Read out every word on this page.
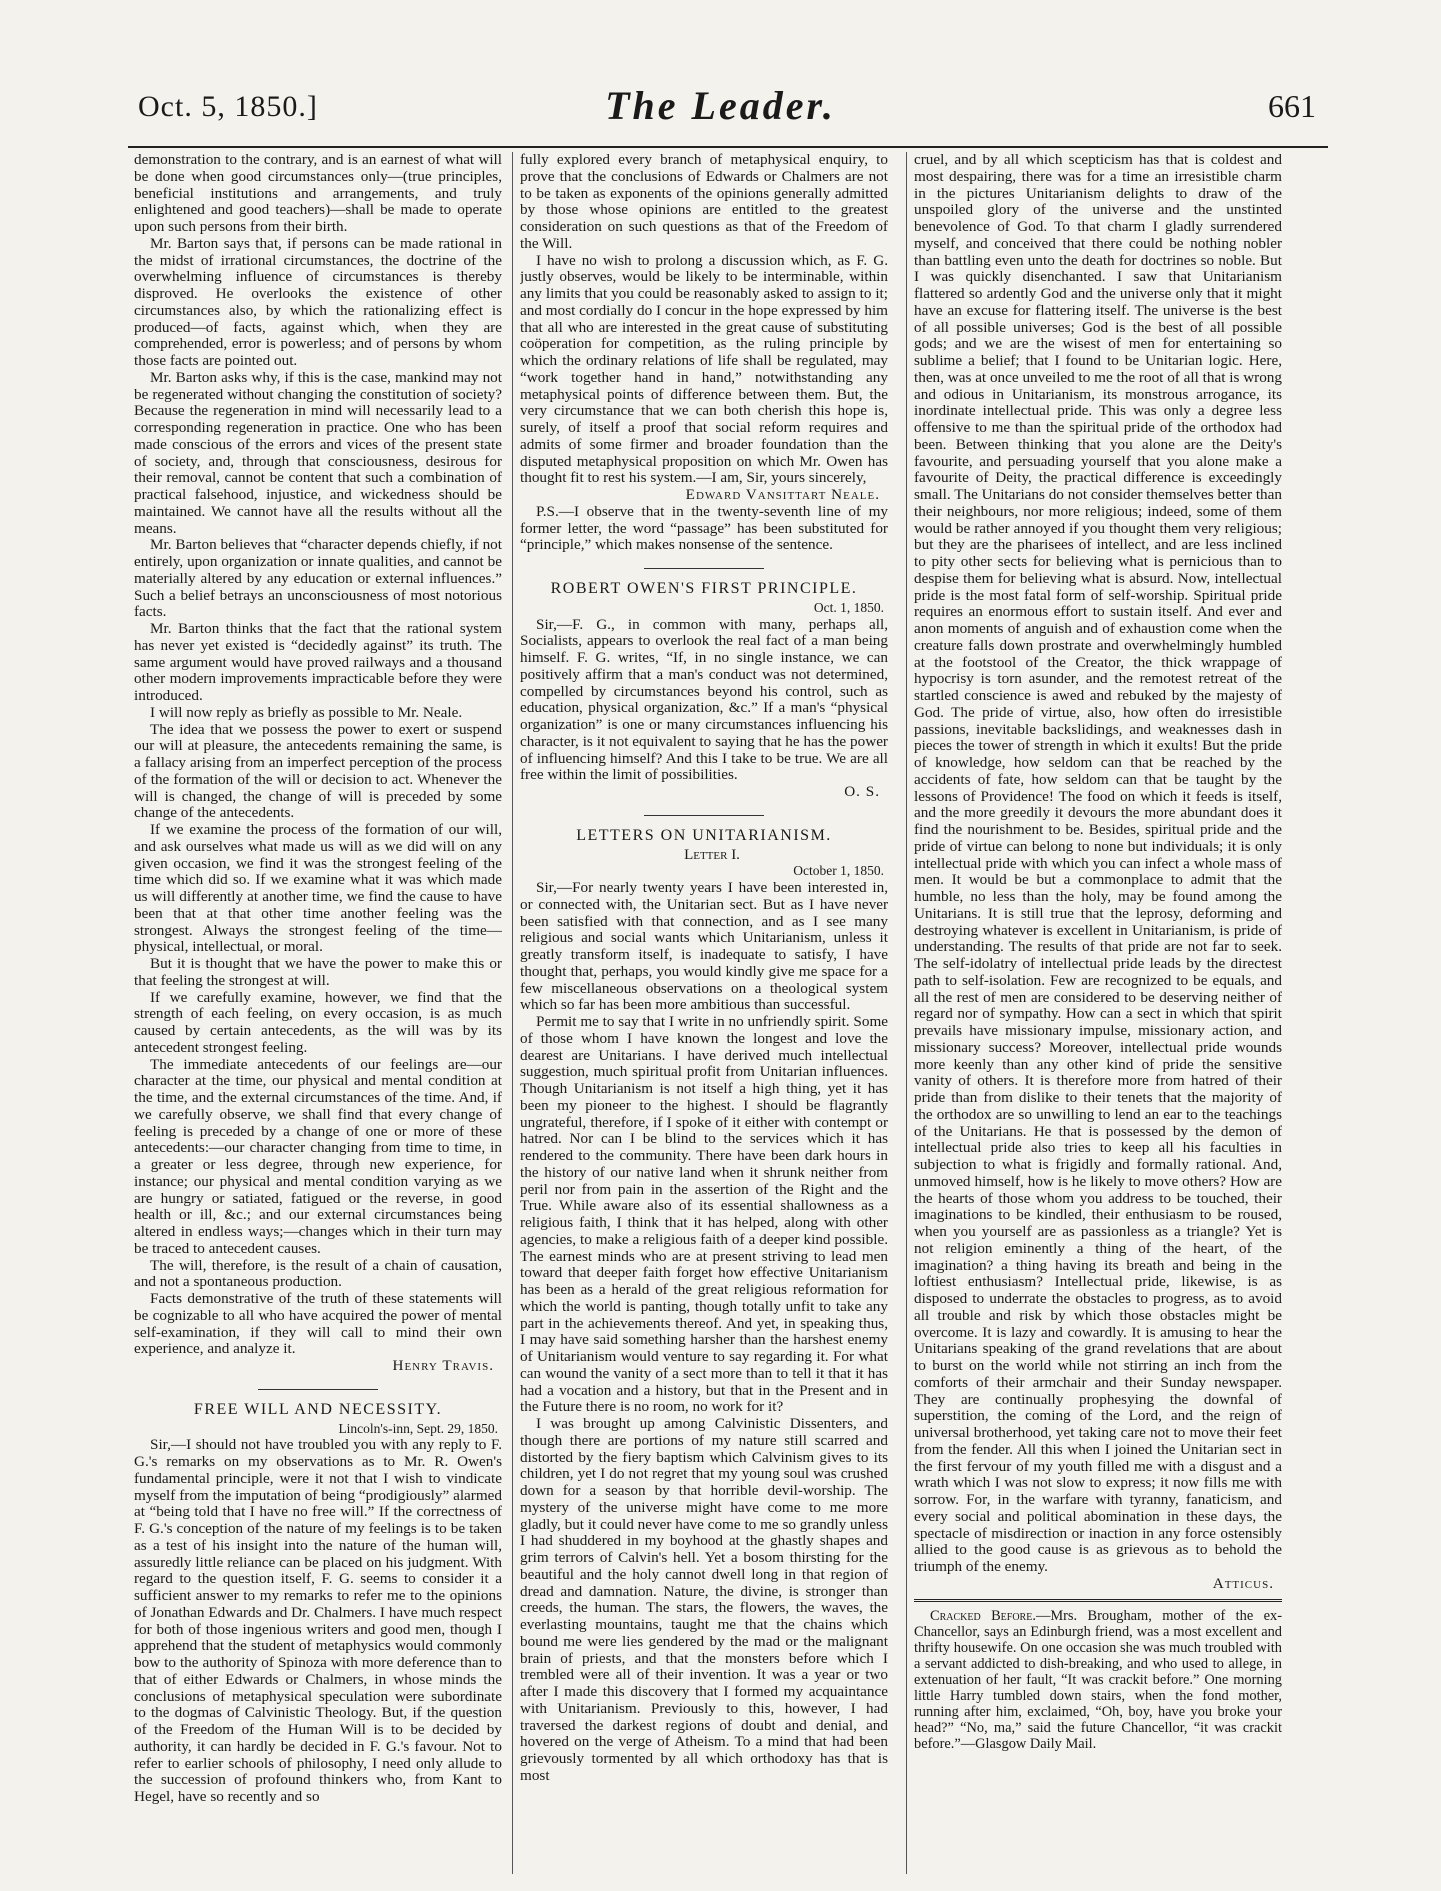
Oct. 5, 1850.]	The Leader.	661

demonstration to the contrary, and is an earnest of what will be done when good circumstances only—(true principles, beneficial institutions and arrangements, and truly enlightened and good teachers)—shall be made to operate upon such persons from their birth.

Mr. Barton says that, if persons can be made rational in the midst of irrational circumstances, the doctrine of the overwhelming influence of circumstances is thereby disproved. He overlooks the existence of other circumstances also, by which the rationalizing effect is produced—of facts, against which, when they are comprehended, error is powerless; and of persons by whom those facts are pointed out.

Mr. Barton asks why, if this is the case, mankind may not be regenerated without changing the constitution of society? Because the regeneration in mind will necessarily lead to a corresponding regeneration in practice. One who has been made conscious of the errors and vices of the present state of society, and, through that consciousness, desirous for their removal, cannot be content that such a combination of practical falsehood, injustice, and wickedness should be maintained. We cannot have all the results without all the means.

Mr. Barton believes that “character depends chiefly, if not entirely, upon organization or innate qualities, and cannot be materially altered by any education or external influences.” Such a belief betrays an unconsciousness of most notorious facts.

Mr. Barton thinks that the fact that the rational system has never yet existed is “decidedly against” its truth. The same argument would have proved railways and a thousand other modern improvements impracticable before they were introduced.

I will now reply as briefly as possible to Mr. Neale.

The idea that we possess the power to exert or suspend our will at pleasure, the antecedents remaining the same, is a fallacy arising from an imperfect perception of the process of the formation of the will or decision to act. Whenever the will is changed, the change of will is preceded by some change of the antecedents.

If we examine the process of the formation of our will, and ask ourselves what made us will as we did will on any given occasion, we find it was the strongest feeling of the time which did so. If we examine what it was which made us will differently at another time, we find the cause to have been that at that other time another feeling was the strongest. Always the strongest feeling of the time—physical, intellectual, or moral.

But it is thought that we have the power to make this or that feeling the strongest at will.

If we carefully examine, however, we find that the strength of each feeling, on every occasion, is as much caused by certain antecedents, as the will was by its antecedent strongest feeling.

The immediate antecedents of our feelings are—our character at the time, our physical and mental condition at the time, and the external circumstances of the time. And, if we carefully observe, we shall find that every change of feeling is preceded by a change of one or more of these antecedents:—our character changing from time to time, in a greater or less degree, through new experience, for instance; our physical and mental condition varying as we are hungry or satiated, fatigued or the reverse, in good health or ill, &c.; and our external circumstances being altered in endless ways;—changes which in their turn may be traced to antecedent causes.

The will, therefore, is the result of a chain of causation, and not a spontaneous production.

Facts demonstrative of the truth of these statements will be cognizable to all who have acquired the power of mental self-examination, if they will call to mind their own experience, and analyze it.

Henry Travis.

FREE WILL AND NECESSITY.

Lincoln's-inn, Sept. 29, 1850.

Sir,—I should not have troubled you with any reply to F. G.'s remarks on my observations as to Mr. R. Owen's fundamental principle, were it not that I wish to vindicate myself from the imputation of being “prodigiously” alarmed at “being told that I have no free will.” If the correctness of F. G.'s conception of the nature of my feelings is to be taken as a test of his insight into the nature of the human will, assuredly little reliance can be placed on his judgment. With regard to the question itself, F. G. seems to consider it a sufficient answer to my remarks to refer me to the opinions of Jonathan Edwards and Dr. Chalmers. I have much respect for both of those ingenious writers and good men, though I apprehend that the student of metaphysics would commonly bow to the authority of Spinoza with more deference than to that of either Edwards or Chalmers, in whose minds the conclusions of metaphysical speculation were subordinate to the dogmas of Calvinistic Theology. But, if the question of the Freedom of the Human Will is to be decided by authority, it can hardly be decided in F. G.'s favour. Not to refer to earlier schools of philosophy, I need only allude to the succession of profound thinkers who, from Kant to Hegel, have so recently and so

fully explored every branch of metaphysical enquiry, to prove that the conclusions of Edwards or Chalmers are not to be taken as exponents of the opinions generally admitted by those whose opinions are entitled to the greatest consideration on such questions as that of the Freedom of the Will.

I have no wish to prolong a discussion which, as F. G. justly observes, would be likely to be interminable, within any limits that you could be reasonably asked to assign to it; and most cordially do I concur in the hope expressed by him that all who are interested in the great cause of substituting coöperation for competition, as the ruling principle by which the ordinary relations of life shall be regulated, may “work together hand in hand,” notwithstanding any metaphysical points of difference between them. But, the very circumstance that we can both cherish this hope is, surely, of itself a proof that social reform requires and admits of some firmer and broader foundation than the disputed metaphysical proposition on which Mr. Owen has thought fit to rest his system.—I am, Sir, yours sincerely,

Edward Vansittart Neale.

P.S.—I observe that in the twenty-seventh line of my former letter, the word “passage” has been substituted for “principle,” which makes nonsense of the sentence.

ROBERT OWEN'S FIRST PRINCIPLE.

Oct. 1, 1850.

Sir,—F. G., in common with many, perhaps all, Socialists, appears to overlook the real fact of a man being himself. F. G. writes, “If, in no single instance, we can positively affirm that a man's conduct was not determined, compelled by circumstances beyond his control, such as education, physical organization, &c.” If a man's “physical organization” is one or many circumstances influencing his character, is it not equivalent to saying that he has the power of influencing himself? And this I take to be true. We are all free within the limit of possibilities.

O. S.

LETTERS ON UNITARIANISM.

Letter I.

October 1, 1850.

Sir,—For nearly twenty years I have been interested in, or connected with, the Unitarian sect. But as I have never been satisfied with that connection, and as I see many religious and social wants which Unitarianism, unless it greatly transform itself, is inadequate to satisfy, I have thought that, perhaps, you would kindly give me space for a few miscellaneous observations on a theological system which so far has been more ambitious than successful.

Permit me to say that I write in no unfriendly spirit. Some of those whom I have known the longest and love the dearest are Unitarians. I have derived much intellectual suggestion, much spiritual profit from Unitarian influences. Though Unitarianism is not itself a high thing, yet it has been my pioneer to the highest. I should be flagrantly ungrateful, therefore, if I spoke of it either with contempt or hatred. Nor can I be blind to the services which it has rendered to the community. There have been dark hours in the history of our native land when it shrunk neither from peril nor from pain in the assertion of the Right and the True. While aware also of its essential shallowness as a religious faith, I think that it has helped, along with other agencies, to make a religious faith of a deeper kind possible. The earnest minds who are at present striving to lead men toward that deeper faith forget how effective Unitarianism has been as a herald of the great religious reformation for which the world is panting, though totally unfit to take any part in the achievements thereof. And yet, in speaking thus, I may have said something harsher than the harshest enemy of Unitarianism would venture to say regarding it. For what can wound the vanity of a sect more than to tell it that it has had a vocation and a history, but that in the Present and in the Future there is no room, no work for it?

I was brought up among Calvinistic Dissenters, and though there are portions of my nature still scarred and distorted by the fiery baptism which Calvinism gives to its children, yet I do not regret that my young soul was crushed down for a season by that horrible devil-worship. The mystery of the universe might have come to me more gladly, but it could never have come to me so grandly unless I had shuddered in my boyhood at the ghastly shapes and grim terrors of Calvin's hell. Yet a bosom thirsting for the beautiful and the holy cannot dwell long in that region of dread and damnation. Nature, the divine, is stronger than creeds, the human. The stars, the flowers, the waves, the everlasting mountains, taught me that the chains which bound me were lies gendered by the mad or the malignant brain of priests, and that the monsters before which I trembled were all of their invention. It was a year or two after I made this discovery that I formed my acquaintance with Unitarianism. Previously to this, however, I had traversed the darkest regions of doubt and denial, and hovered on the verge of Atheism. To a mind that had been grievously tormented by all which orthodoxy has that is most

cruel, and by all which scepticism has that is coldest and most despairing, there was for a time an irresistible charm in the pictures Unitarianism delights to draw of the unspoiled glory of the universe and the unstinted benevolence of God. To that charm I gladly surrendered myself, and conceived that there could be nothing nobler than battling even unto the death for doctrines so noble. But I was quickly disenchanted. I saw that Unitarianism flattered so ardently God and the universe only that it might have an excuse for flattering itself. The universe is the best of all possible universes; God is the best of all possible gods; and we are the wisest of men for entertaining so sublime a belief; that I found to be Unitarian logic. Here, then, was at once unveiled to me the root of all that is wrong and odious in Unitarianism, its monstrous arrogance, its inordinate intellectual pride. This was only a degree less offensive to me than the spiritual pride of the orthodox had been. Between thinking that you alone are the Deity's favourite, and persuading yourself that you alone make a favourite of Deity, the practical difference is exceedingly small. The Unitarians do not consider themselves better than their neighbours, nor more religious; indeed, some of them would be rather annoyed if you thought them very religious; but they are the pharisees of intellect, and are less inclined to pity other sects for believing what is pernicious than to despise them for believing what is absurd. Now, intellectual pride is the most fatal form of self-worship. Spiritual pride requires an enormous effort to sustain itself. And ever and anon moments of anguish and of exhaustion come when the creature falls down prostrate and overwhelmingly humbled at the footstool of the Creator, the thick wrappage of hypocrisy is torn asunder, and the remotest retreat of the startled conscience is awed and rebuked by the majesty of God. The pride of virtue, also, how often do irresistible passions, inevitable backslidings, and weaknesses dash in pieces the tower of strength in which it exults! But the pride of knowledge, how seldom can that be reached by the accidents of fate, how seldom can that be taught by the lessons of Providence! The food on which it feeds is itself, and the more greedily it devours the more abundant does it find the nourishment to be. Besides, spiritual pride and the pride of virtue can belong to none but individuals; it is only intellectual pride with which you can infect a whole mass of men. It would be but a commonplace to admit that the humble, no less than the holy, may be found among the Unitarians. It is still true that the leprosy, deforming and destroying whatever is excellent in Unitarianism, is pride of understanding. The results of that pride are not far to seek. The self-idolatry of intellectual pride leads by the directest path to self-isolation. Few are recognized to be equals, and all the rest of men are considered to be deserving neither of regard nor of sympathy. How can a sect in which that spirit prevails have missionary impulse, missionary action, and missionary success? Moreover, intellectual pride wounds more keenly than any other kind of pride the sensitive vanity of others. It is therefore more from hatred of their pride than from dislike to their tenets that the majority of the orthodox are so unwilling to lend an ear to the teachings of the Unitarians. He that is possessed by the demon of intellectual pride also tries to keep all his faculties in subjection to what is frigidly and formally rational. And, unmoved himself, how is he likely to move others? How are the hearts of those whom you address to be touched, their imaginations to be kindled, their enthusiasm to be roused, when you yourself are as passionless as a triangle? Yet is not religion eminently a thing of the heart, of the imagination? a thing having its breath and being in the loftiest enthusiasm? Intellectual pride, likewise, is as disposed to underrate the obstacles to progress, as to avoid all trouble and risk by which those obstacles might be overcome. It is lazy and cowardly. It is amusing to hear the Unitarians speaking of the grand revelations that are about to burst on the world while not stirring an inch from the comforts of their armchair and their Sunday newspaper. They are continually prophesying the downfal of superstition, the coming of the Lord, and the reign of universal brotherhood, yet taking care not to move their feet from the fender. All this when I joined the Unitarian sect in the first fervour of my youth filled me with a disgust and a wrath which I was not slow to express; it now fills me with sorrow. For, in the warfare with tyranny, fanaticism, and every social and political abomination in these days, the spectacle of misdirection or inaction in any force ostensibly allied to the good cause is as grievous as to behold the triumph of the enemy.

Atticus.

Cracked Before.—Mrs. Brougham, mother of the ex-Chancellor, says an Edinburgh friend, was a most excellent and thrifty housewife. On one occasion she was much troubled with a servant addicted to dish-breaking, and who used to allege, in extenuation of her fault, “It was crackit before.” One morning little Harry tumbled down stairs, when the fond mother, running after him, exclaimed, “Oh, boy, have you broke your head?” “No, ma,” said the future Chancellor, “it was crackit before.”—Glasgow Daily Mail.
